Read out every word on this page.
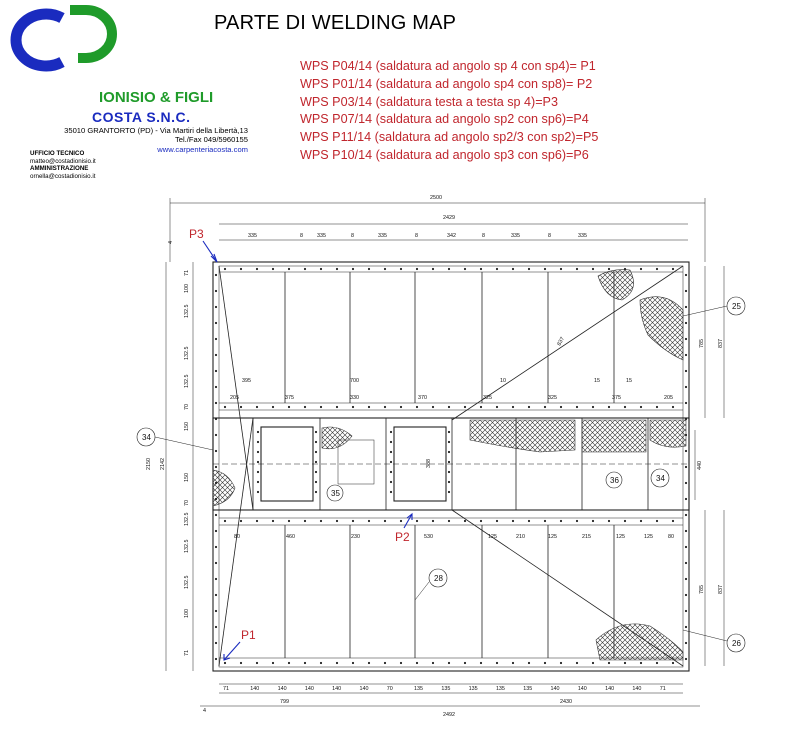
PARTE DI WELDING MAP
WPS P04/14 (saldatura ad angolo sp 4 con sp4)= P1
WPS P01/14 (saldatura ad angolo sp4 con sp8)= P2
WPS P03/14 (saldatura testa a testa sp 4)=P3
WPS P07/14 (saldatura ad angolo sp2 con sp6)=P4
WPS P11/14 (saldatura ad angolo sp2/3 con sp2)=P5
WPS P10/14 (saldatura ad angolo sp3 con sp6)=P6
IONISIO & FIGLI
COSTA S.N.C.
35010 GRANTORTO (PD) - Via Martiri della Libertà,13
Tel./Fax 049/5960155
www.carpenteriacosta.com
UFFICIO TECNICO
matteo@costadionisio.it
AMMINISTRAZIONE
ornella@costadionisio.it
25
26
28
34
34
35
36
P3
P2
P1
2500
2429
335	8	335	8	335	8	342	8	335	8	335
2150 2142
71
100
132.5
132.5
132.5
70
150
150
70
132.5
132.5
132.5
100
71
785 837
785 837
440
837
388
395	700	10	15	15
205	375	330	370	325	325	375	205
80	460	230	530	125	210	125	215	125	125	80
71	140	140	140	140	140	70	135	135	135	135	135	140	140	140	140	71
799	2430
2492
4
4
